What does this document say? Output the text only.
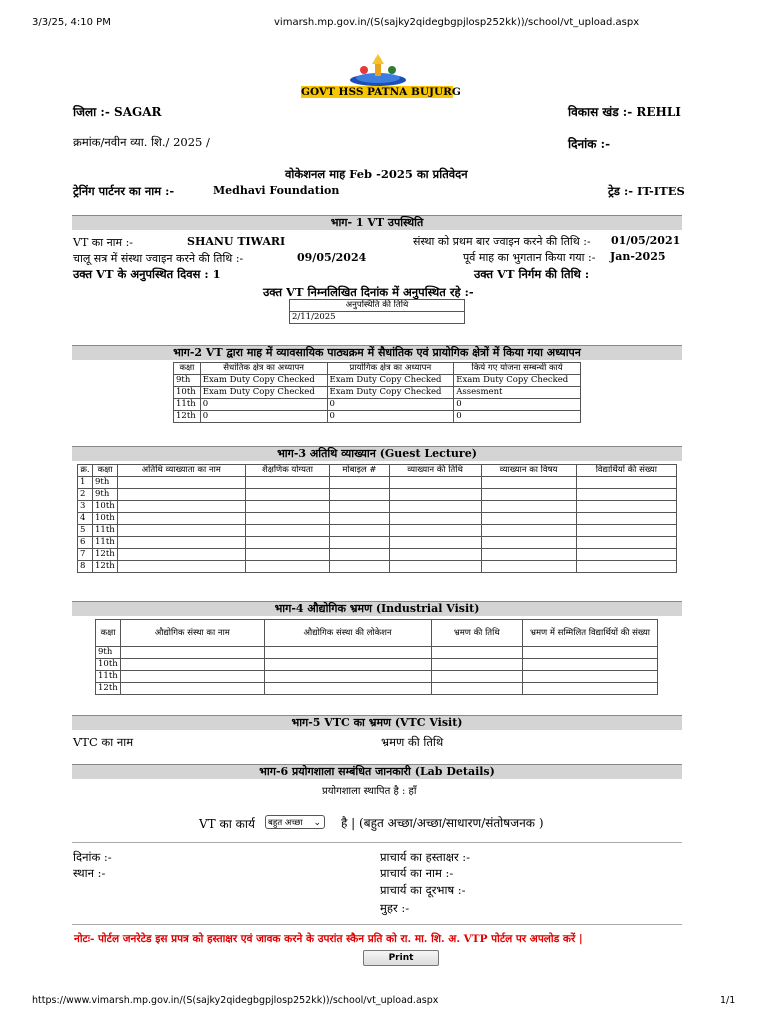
3/3/25, 4:10 PM	vimarsh.mp.gov.in/(S(sajky2qidegbgpjlosp252kk))/school/vt_upload.aspx
GOVT HSS PATNA BUJURG
जिला :- SAGAR	विकास खंड :- REHLI
क्रमांक/नवीन व्या. शि./ 2025 /	दिनांक :-
वोकेशनल माह Feb -2025 का प्रतिवेदन
ट्रेनिंग पार्टनर का नाम :-	Medhavi Foundation	ट्रेड :- IT-ITES
भाग- 1 VT उपस्थिति
VT का नाम :-	SHANU TIWARI	संस्था को प्रथम बार ज्वाइन करने की तिथि :- 01/05/2021
चालू सत्र में संस्था ज्वाइन करने की तिथि :-	09/05/2024	पूर्व माह का भुगतान किया गया :- Jan-2025
उक्त VT के अनुपस्थित दिवस : 1	उक्त VT निर्गम की तिथि :
उक्त VT निम्नलिखित दिनांक में अनुपस्थित रहे :-
अनुपस्थिति की तिथि
2/11/2025
भाग-2 VT द्वारा माह में व्यावसायिक पाठ्यक्रम में सैधांतिक एवं प्रायोगिक क्षेत्रों में किया गया अध्यापन
कक्षा	सैधांतिक क्षेत्र का अध्यापन	प्रायोगिक क्षेत्र का अध्यापन	किये गए योजना सम्बन्धी कार्य
9th	Exam Duty Copy Checked	Exam Duty Copy Checked	Exam Duty Copy Checked
10th	Exam Duty Copy Checked	Exam Duty Copy Checked	Assesment
11th	0	0	0
12th	0	0	0
भाग-3 अतिथि व्याख्यान (Guest Lecture)
क्र.	कक्षा	अतिथि व्याख्याता का नाम	शैक्षणिक योग्यता	मोबाइल #	व्याख्यान की तिथि	व्याख्यान का विषय	विद्यार्थियों की संख्या
1	9th						
2	9th						
3	10th						
4	10th						
5	11th						
6	11th						
7	12th						
8	12th						
भाग-4 औद्योगिक भ्रमण (Industrial Visit)
कक्षा	औद्योगिक संस्था का नाम	औद्योगिक संस्था की लोकेशन	भ्रमण की तिथि	भ्रमण में सम्मिलित विद्यार्थियों की संख्या
9th				
10th				
11th				
12th				
भाग-5 VTC का भ्रमण (VTC Visit)
VTC का नाम	भ्रमण की तिथि
भाग-6 प्रयोगशाला सम्बंधित जानकारी (Lab Details)
प्रयोगशाला स्थापित है : हाँ
VT का कार्य	बहुत अच्छा ⌄ है | (बहुत अच्छा/अच्छा/साधारण/संतोषजनक )
दिनांक :-
स्थान :-
प्राचार्य का हस्ताक्षर :-
प्राचार्य का नाम :-
प्राचार्य का दूरभाष :-
मुहर :-
नोटः- पोर्टल जनरेटेड इस प्रपत्र को हस्ताक्षर एवं जावक करने के उपरांत स्कैन प्रति को रा. मा. शि. अ. VTP पोर्टल पर अपलोड करें |
Print
https://www.vimarsh.mp.gov.in/(S(sajky2qidegbgpjlosp252kk))/school/vt_upload.aspx	1/1
